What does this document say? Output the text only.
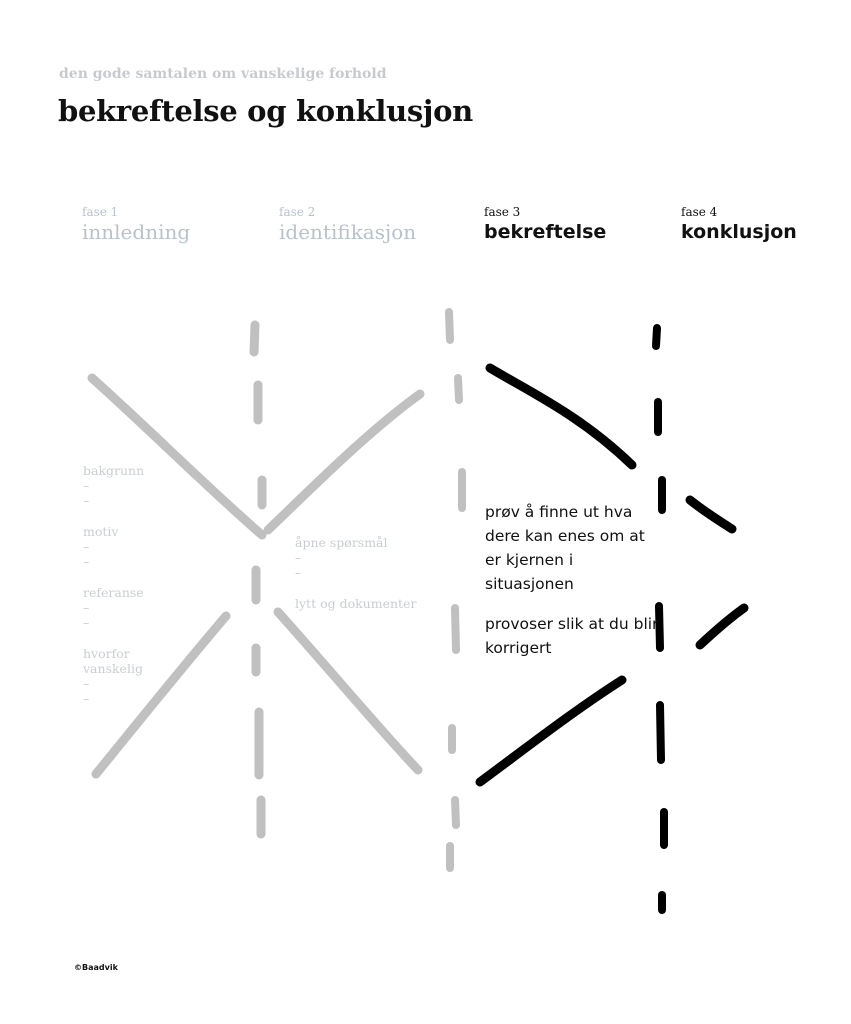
den gode samtalen om vanskelige forhold
bekreftelse og konklusjon
fase 1
innledning
fase 2
identifikasjon
fase 3
bekreftelse
fase 4
konklusjon
bakgrunn
–
–
motiv
–
–
referanse
–
–
hvorfor vanskelig
–
–
åpne spørsmål
–
–
lytt og dokumenter

prøv å finne ut hva dere kan enes om at er kjernen i situasjonen

provoser slik at du blir korrigert

©Baadvik
